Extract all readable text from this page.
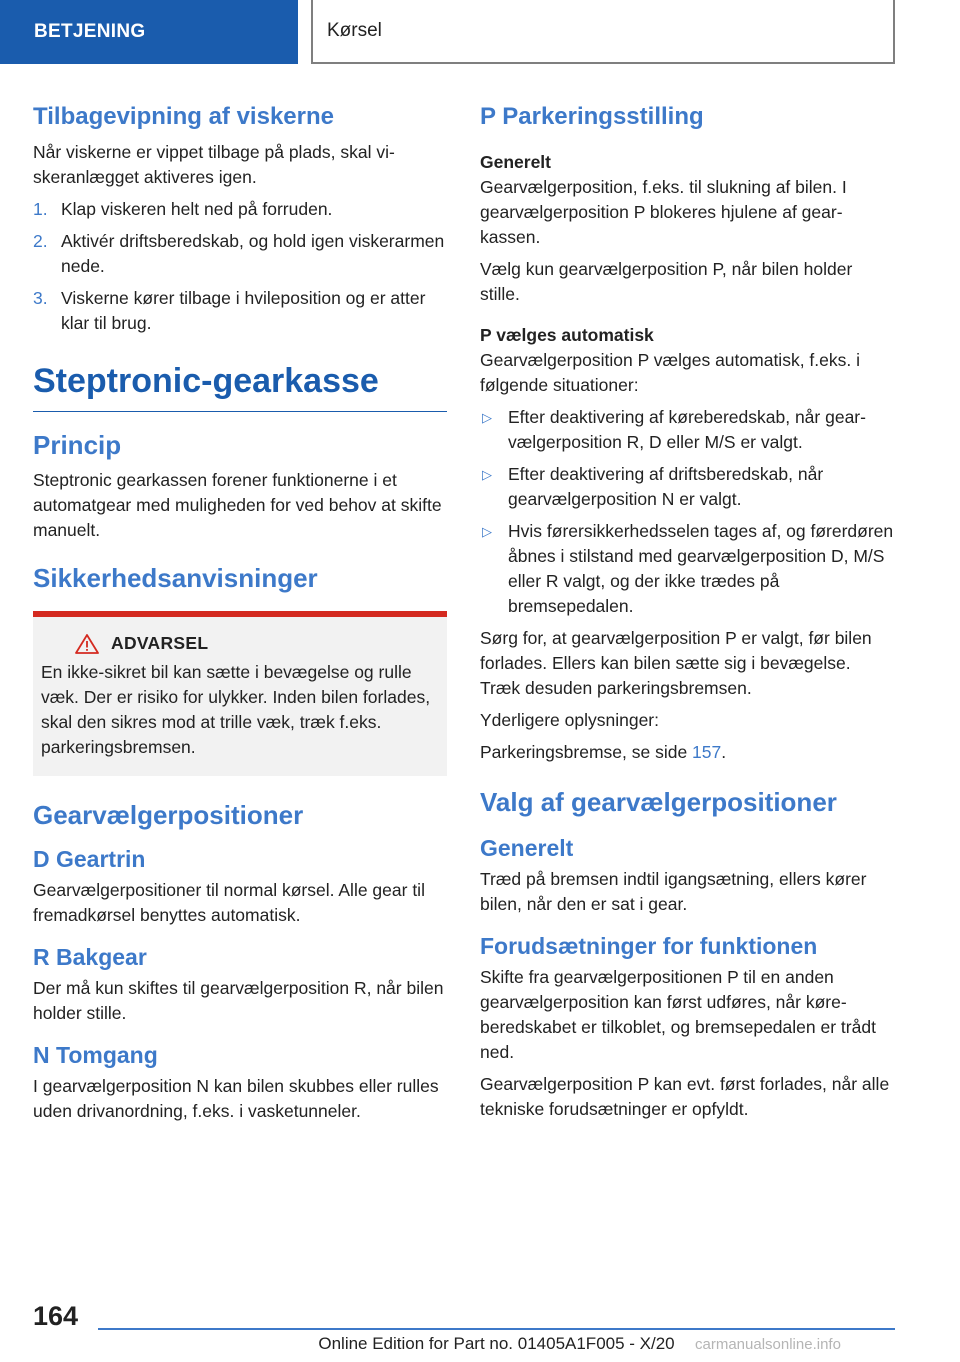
BETJENING	Kørsel
Tilbagevipning af viskerne

Når viskerne er vippet tilbage på plads, skal viskeranlægget aktiveres igen.

1. Klap viskeren helt ned på forruden.
2. Aktivér driftsberedskab, og hold igen viskerarmen nede.
3. Viskerne kører tilbage i hvileposition og er atter klar til brug.
Steptronic-gearkasse
Princip

Steptronic gearkassen forener funktionerne i et automatgear med muligheden for ved behov at skifte manuelt.

Sikkerhedsanvisninger
ADVARSEL

En ikke-sikret bil kan sætte i bevægelse og rulle væk. Der er risiko for ulykker. Inden bilen forlades, skal den sikres mod at trille væk, træk f.eks. parkeringsbremsen.

Gearvælgerpositioner
D Geartrin

Gearvælgerpositioner til normal kørsel. Alle gear til fremadkørsel benyttes automatisk.

R Bakgear

Der må kun skiftes til gearvælgerposition R, når bilen holder stille.

N Tomgang

I gearvælgerposition N kan bilen skubbes eller rulles uden drivanordning, f.eks. i vasketunneler.

P Parkeringsstilling
Generelt

Gearvælgerposition, f.eks. til slukning af bilen. I gearvælgerposition P blokeres hjulene af gearkassen.

Vælg kun gearvælgerposition P, når bilen holder stille.

P vælges automatisk

Gearvælgerposition P vælges automatisk, f.eks. i følgende situationer:

▷ Efter deaktivering af køreberedskab, når gearvælgerposition R, D eller M/S er valgt.
▷ Efter deaktivering af driftsberedskab, når gearvælgerposition N er valgt.
▷ Hvis førersikkerhedsselen tages af, og førerdøren åbnes i stilstand med gearvælgerposition D, M/S eller R valgt, og der ikke trædes på bremsepedalen.

Sørg for, at gearvælgerposition P er valgt, før bilen forlades. Ellers kan bilen sætte sig i bevægelse. Træk desuden parkeringsbremsen.

Yderligere oplysninger:

Parkeringsbremse, se side 157.

Valg af gearvælgerpositioner
Generelt

Træd på bremsen indtil igangsætning, ellers kører bilen, når den er sat i gear.

Forudsætninger for funktionen

Skifte fra gearvælgerpositionen P til en anden gearvælgerposition kan først udføres, når køreberedskabet er tilkoblet, og bremsepedalen er trådt ned.

Gearvælgerposition P kan evt. først forlades, når alle tekniske forudsætninger er opfyldt.

164
Online Edition for Part no. 01405A1F005 - X/20	carmanualsonline.info
